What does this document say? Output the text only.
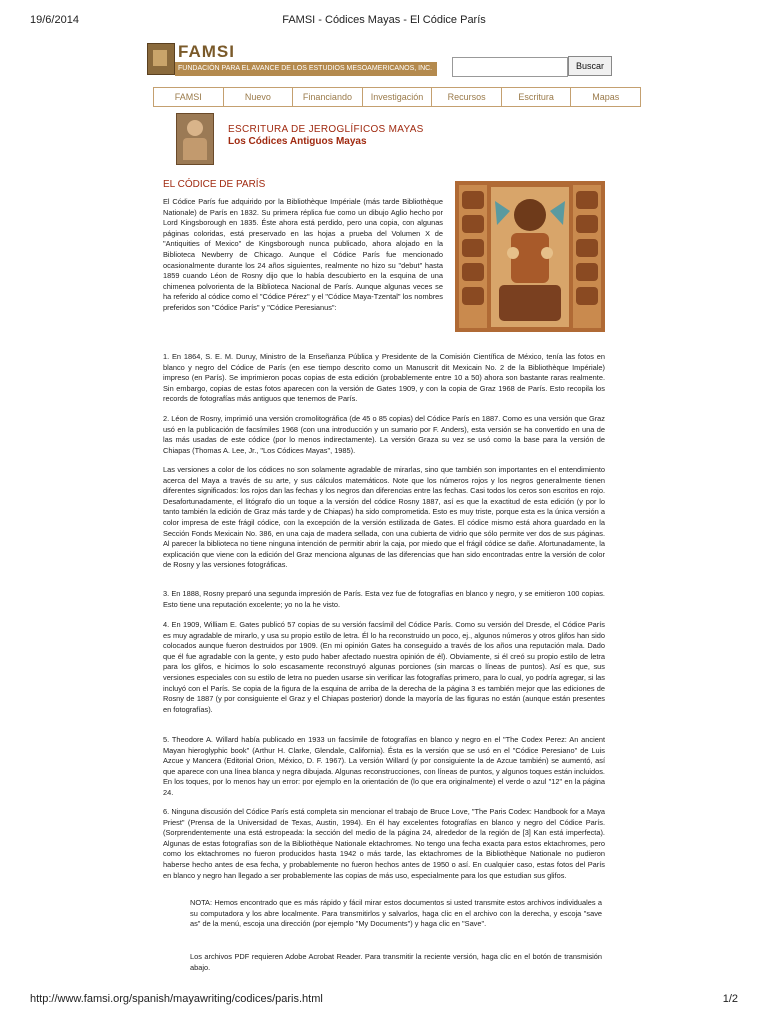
19/6/2014	FAMSI - Códices Mayas - El Códice París
FAMSI
FUNDACIÓN PARA EL AVANCE DE LOS ESTUDIOS MESOAMERICANOS, INC.	Buscar
FAMSI	Nuevo	Financiando	Investigación	Recursos	Escritura	Mapas
ESCRITURA DE JEROGLÍFICOS MAYAS
Los Códices Antiguos Mayas
EL CÓDICE DE PARÍS
El Códice París fue adquirido por la Bibliothèque Impériale (más tarde Bibliothèque Nationale) de París en 1832. Su primera réplica fue como un dibujo Aglio hecho por Lord Kingsborough en 1835. Éste ahora está perdido, pero una copia, con algunas páginas coloridas, está preservado en las hojas a prueba del Volumen X de "Antiquities of Mexico" de Kingsborough nunca publicado, ahora alojado en la Biblioteca Newberry de Chicago. Aunque el Códice París fue mencionado ocasionalmente durante los 24 años siguientes, realmente no hizo su "debut" hasta 1859 cuando Léon de Rosny dijo que lo había descubierto en la esquina de una chimenea polvorienta de la Biblioteca Nacional de París. Aunque algunas veces se ha referido al códice como el "Códice Pérez" y el "Códice Maya-Tzental" los nombres preferidos son "Códice París" y "Códice Peresianus":
1. En 1864, S. E. M. Duruy, Ministro de la Enseñanza Pública y Presidente de la Comisión Científica de México, tenía las fotos en blanco y negro del Códice de París (en ese tiempo descrito como un Manuscrit dit Mexicain No. 2 de la Bibliothèque Impériale) impreso (en París). Se imprimieron pocas copias de esta edición (probablemente entre 10 a 50) ahora son bastante raras realmente. Sin embargo, copias de estas fotos aparecen con la versión de Gates 1909, y con la copia de Graz 1968 de París. Esto recopila los records de fotografías más antiguos que tenemos de París.
2. Léon de Rosny, imprimió una versión cromolitográfica (de 45 o 85 copias) del Códice París en 1887. Como es una versión que Graz usó en la publicación de facsímiles 1968 (con una introducción y un sumario por F. Anders), esta versión se ha convertido en una de las más usadas de este códice (por lo menos indirectamente). La versión Graza su vez se usó como la base para la versión de Chiapas (Thomas A. Lee, Jr., "Los Códices Mayas", 1985).
Las versiones a color de los códices no son solamente agradable de mirarlas, sino que también son importantes en el entendimiento acerca del Maya a través de su arte, y sus cálculos matemáticos. Note que los números rojos y los negros generalmente tienen diferentes significados: los rojos dan las fechas y los negros dan diferencias entre las fechas. Casi todos los ceros son escritos en rojo. Desafortunadamente, el litógrafo dio un toque a la versión del códice Rosny 1887, así es que la exactitud de esta edición (y por lo tanto también la edición de Graz más tarde y de Chiapas) ha sido comprometida. Esto es muy triste, porque esta es la única versión a color impresa de este frágil códice, con la excepción de la versión estilizada de Gates. El códice mismo está ahora guardado en la Sección Fonds Mexicain No. 386, en una caja de madera sellada, con una cubierta de vidrio que sólo permite ver dos de sus páginas. Al parecer la biblioteca no tiene ninguna intención de permitir abrir la caja, por miedo que el frágil códice se dañe. Afortunadamente, la explicación que viene con la edición del Graz menciona algunas de las diferencias que han sido encontradas entre la versión de color de Rosny y las versiones fotográficas.
3. En 1888, Rosny preparó una segunda impresión de París. Esta vez fue de fotografías en blanco y negro, y se emitieron 100 copias. Esto tiene una reputación excelente; yo no la he visto.
4. En 1909, William E. Gates publicó 57 copias de su versión facsímil del Códice París. Como su versión del Dresde, el Códice París es muy agradable de mirarlo, y usa su propio estilo de letra. Él lo ha reconstruido un poco, ej., algunos números y otros glifos han sido colocados aunque fueron destruidos por 1909. (En mi opinión Gates ha conseguido a través de los años una reputación mala. Dado que él fue agradable con la gente, y esto pudo haber afectado nuestra opinión de él). Obviamente, si él creó su propio estilo de letra para los glifos, e hicimos lo solo escasamente reconstruyó algunas porciones (sin marcas o líneas de puntos). Así es que, sus versiones especiales con su estilo de letra no pueden usarse sin verificar las fotografías primero, para lo cual, yo podría agregar, si las incluyó con el París. Se copia de la figura de la esquina de arriba de la derecha de la página 3 es también mejor que las ediciones de Rosny de 1887 (y por consiguiente el Graz y el Chiapas posterior) donde la mayoría de las figuras no están (aunque están presentes en fotografías).
5. Theodore A. Willard había publicado en 1933 un facsímile de fotografías en blanco y negro en el "The Codex Perez: An ancient Mayan hieroglyphic book" (Arthur H. Clarke, Glendale, California). Ésta es la versión que se usó en el "Códice Peresiano" de Luis Azcue y Mancera (Editorial Orion, México, D. F. 1967). La versión Willard (y por consiguiente la de Azcue también) se aumentó, así que aparece con una línea blanca y negra dibujada. Algunas reconstrucciones, con líneas de puntos, y algunos toques están incluidos. En los toques, por lo menos hay un error: por ejemplo en la orientación de (lo que era originalmente) el verde o azul "12" en la página 24.
6. Ninguna discusión del Códice París está completa sin mencionar el trabajo de Bruce Love, "The Paris Codex: Handbook for a Maya Priest" (Prensa de la Universidad de Texas, Austin, 1994). En él hay excelentes fotografías en blanco y negro del Códice París. (Sorprendentemente una está estropeada: la sección del medio de la página 24, alrededor de la región de [3] Kan está imperfecta). Algunas de estas fotografías son de la Bibliothèque Nationale ektachromes. No tengo una fecha exacta para estos ektachromes, pero como los ektachromes no fueron producidos hasta 1942 o más tarde, las ektachromes de la Bibliothèque Nationale no pudieron haberse hecho antes de esa fecha, y probablemente no fueron hechos antes de 1950 o así. En cualquier caso, estas fotos del París en blanco y negro han llegado a ser probablemente las copias de más uso, especialmente para los que estudian sus glifos.
NOTA: Hemos encontrado que es más rápido y fácil mirar estos documentos si usted transmite estos archivos individuales a su computadora y los abre localmente. Para transmitirlos y salvarlos, haga clic en el archivo con la derecha, y escoja "save as" de la menú, escoja una dirección (por ejemplo "My Documents") y haga clic en "Save".
Los archivos PDF requieren Adobe Acrobat Reader. Para transmitir la reciente versión, haga clic en el botón de transmisión abajo.
http://www.famsi.org/spanish/mayawriting/codices/paris.html	1/2
